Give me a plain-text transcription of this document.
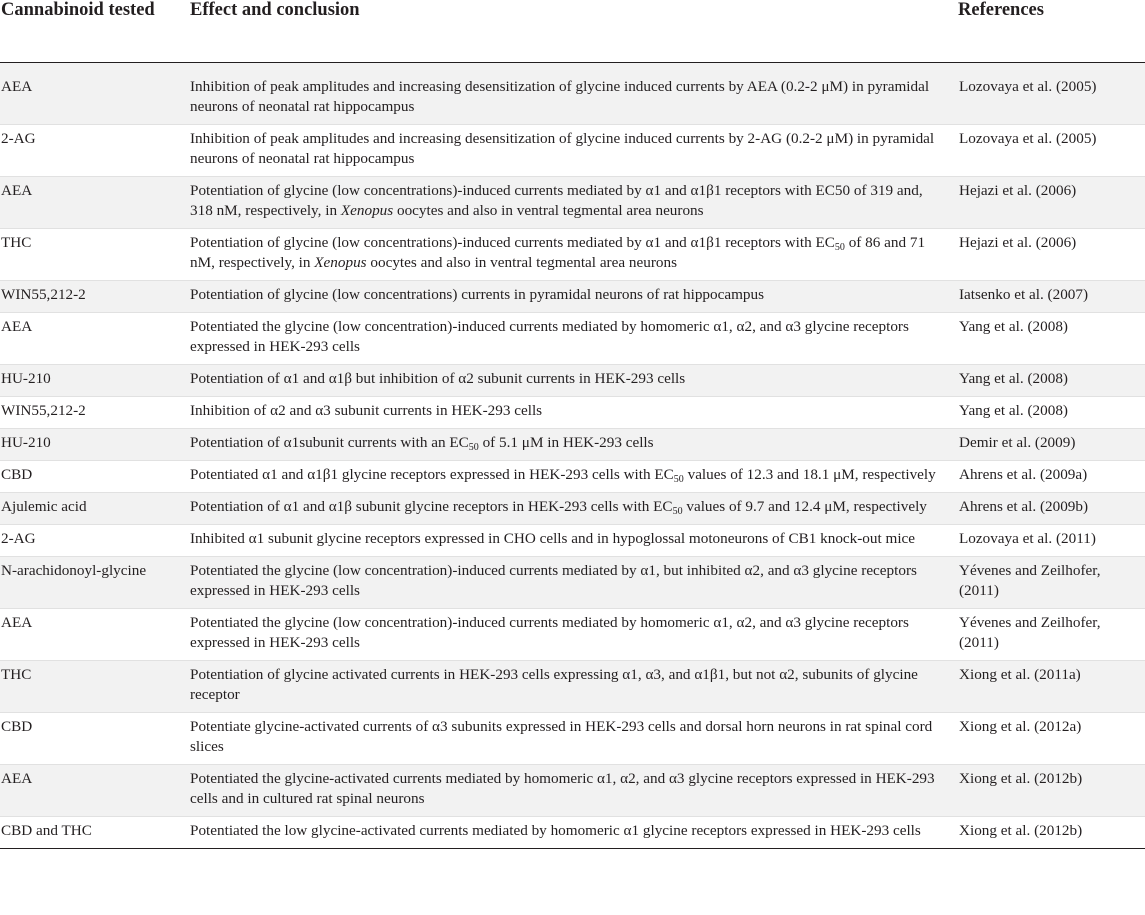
Cannabinoid tested	Effect and conclusion	References
AEA	Inhibition of peak amplitudes and increasing desensitization of glycine induced currents by AEA (0.2-2 μM) in pyramidal neurons of neonatal rat hippocampus	Lozovaya et al. (2005)
2-AG	Inhibition of peak amplitudes and increasing desensitization of glycine induced currents by 2-AG (0.2-2 μM) in pyramidal neurons of neonatal rat hippocampus	Lozovaya et al. (2005)
AEA	Potentiation of glycine (low concentrations)-induced currents mediated by α1 and α1β1 receptors with EC50 of 319 and, 318 nM, respectively, in Xenopus oocytes and also in ventral tegmental area neurons	Hejazi et al. (2006)
THC	Potentiation of glycine (low concentrations)-induced currents mediated by α1 and α1β1 receptors with $EC_{50}$ of 86 and 71 nM, respectively, in Xenopus oocytes and also in ventral tegmental area neurons	Hejazi et al. (2006)
WIN55,212-2	Potentiation of glycine (low concentrations) currents in pyramidal neurons of rat hippocampus	Iatsenko et al. (2007)
AEA	Potentiated the glycine (low concentration)-induced currents mediated by homomeric α1, α2, and α3 glycine receptors expressed in HEK-293 cells	Yang et al. (2008)
HU-210	Potentiation of α1 and α1β but inhibition of α2 subunit currents in HEK-293 cells	Yang et al. (2008)
WIN55,212-2	Inhibition of α2 and α3 subunit currents in HEK-293 cells	Yang et al. (2008)
HU-210	Potentiation of α1subunit currents with an $EC_{50}$ of 5.1 μM in HEK-293 cells	Demir et al. (2009)
CBD	Potentiated α1 and α1β1 glycine receptors expressed in HEK-293 cells with $EC_{50}$ values of 12.3 and 18.1 μM, respectively	Ahrens et al. (2009a)
Ajulemic acid	Potentiation of α1 and α1β subunit glycine receptors in HEK-293 cells with $EC_{50}$ values of 9.7 and 12.4 μM, respectively	Ahrens et al. (2009b)
2-AG	Inhibited α1 subunit glycine receptors expressed in CHO cells and in hypoglossal motoneurons of CB1 knock-out mice	Lozovaya et al. (2011)
N-arachidonoyl-glycine	Potentiated the glycine (low concentration)-induced currents mediated by α1, but inhibited α2, and α3 glycine receptors expressed in HEK-293 cells	Yévenes and Zeilhofer, (2011)
AEA	Potentiated the glycine (low concentration)-induced currents mediated by homomeric α1, α2, and α3 glycine receptors expressed in HEK-293 cells	Yévenes and Zeilhofer, (2011)
THC	Potentiation of glycine activated currents in HEK-293 cells expressing α1, α3, and α1β1, but not α2, subunits of glycine receptor	Xiong et al. (2011a)
CBD	Potentiate glycine-activated currents of α3 subunits expressed in HEK-293 cells and dorsal horn neurons in rat spinal cord slices	Xiong et al. (2012a)
AEA	Potentiated the glycine-activated currents mediated by homomeric α1, α2, and α3 glycine receptors expressed in HEK-293 cells and in cultured rat spinal neurons	Xiong et al. (2012b)
CBD and THC	Potentiated the low glycine-activated currents mediated by homomeric α1 glycine receptors expressed in HEK-293 cells	Xiong et al. (2012b)
